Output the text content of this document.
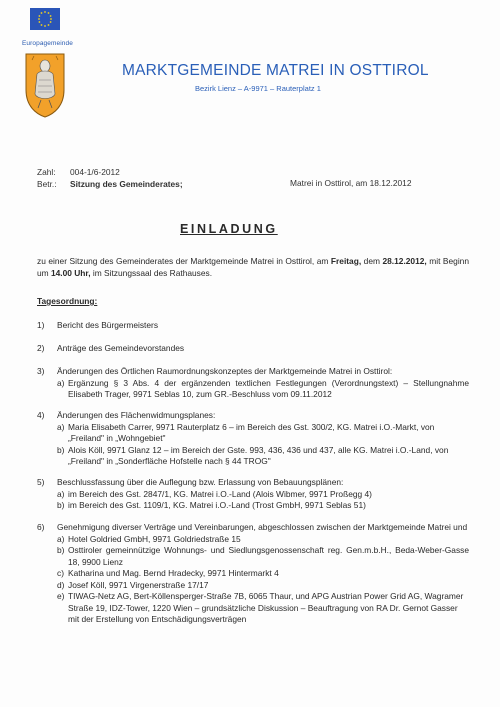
Europagemeinde
MARKTGEMEINDE MATREI IN OSTTIROL
Bezirk Lienz – A-9971 – Rauterplatz 1
Zahl: 004-1/6-2012
Betr.: Sitzung des Gemeinderates;	Matrei in Osttirol, am 18.12.2012
EINLADUNG
zu einer Sitzung des Gemeinderates der Marktgemeinde Matrei in Osttirol, am Freitag, dem 28.12.2012, mit Beginn um 14.00 Uhr, im Sitzungssaal des Rathauses.
Tagesordnung:
1)	Bericht des Bürgermeisters
2)	Anträge des Gemeindevorstandes
3)	Änderungen des Örtlichen Raumordnungskonzeptes der Marktgemeinde Matrei in Osttirol:
a) Ergänzung § 3 Abs. 4 der ergänzenden textlichen Festlegungen (Verordnungstext) – Stellungnahme Elisabeth Trager, 9971 Seblas 10, zum GR.-Beschluss vom 09.11.2012
4)	Änderungen des Flächenwidmungsplanes:
a) Maria Elisabeth Carrer, 9971 Rauterplatz 6 – im Bereich des Gst. 300/2, KG. Matrei i.O.-Markt, von „Freiland" in „Wohngebiet"
b) Alois Köll, 9971 Glanz 12 – im Bereich der Gste. 993, 436, 436 und 437, alle KG. Matrei i.O.-Land, von „Freiland" in „Sonderfläche Hofstelle nach § 44 TROG"
5)	Beschlussfassung über die Auflegung bzw. Erlassung von Bebauungsplänen:
a) im Bereich des Gst. 2847/1, KG. Matrei i.O.-Land (Alois Wibmer, 9971 Proßegg 4)
b) im Bereich des Gst. 1109/1, KG. Matrei i.O.-Land (Trost GmbH, 9971 Seblas 51)
6)	Genehmigung diverser Verträge und Vereinbarungen, abgeschlossen zwischen der Marktgemeinde Matrei und
a) Hotel Goldried GmbH, 9971 Goldriedstraße 15
b) Osttiroler gemeinnützige Wohnungs- und Siedlungsgenossenschaft reg. Gen.m.b.H., Beda-Weber-Gasse 18, 9900 Lienz
c) Katharina und Mag. Bernd Hradecky, 9971 Hintermarkt 4
d) Josef Köll, 9971 Virgenerstraße 17/17
e) TIWAG-Netz AG, Bert-Köllensperger-Straße 7B, 6065 Thaur, und APG Austrian Power Grid AG, Wagramer Straße 19, IDZ-Tower, 1220 Wien – grundsätzliche Diskussion – Beauftragung von RA Dr. Gernot Gasser mit der Erstellung von Entschädigungsverträgen
